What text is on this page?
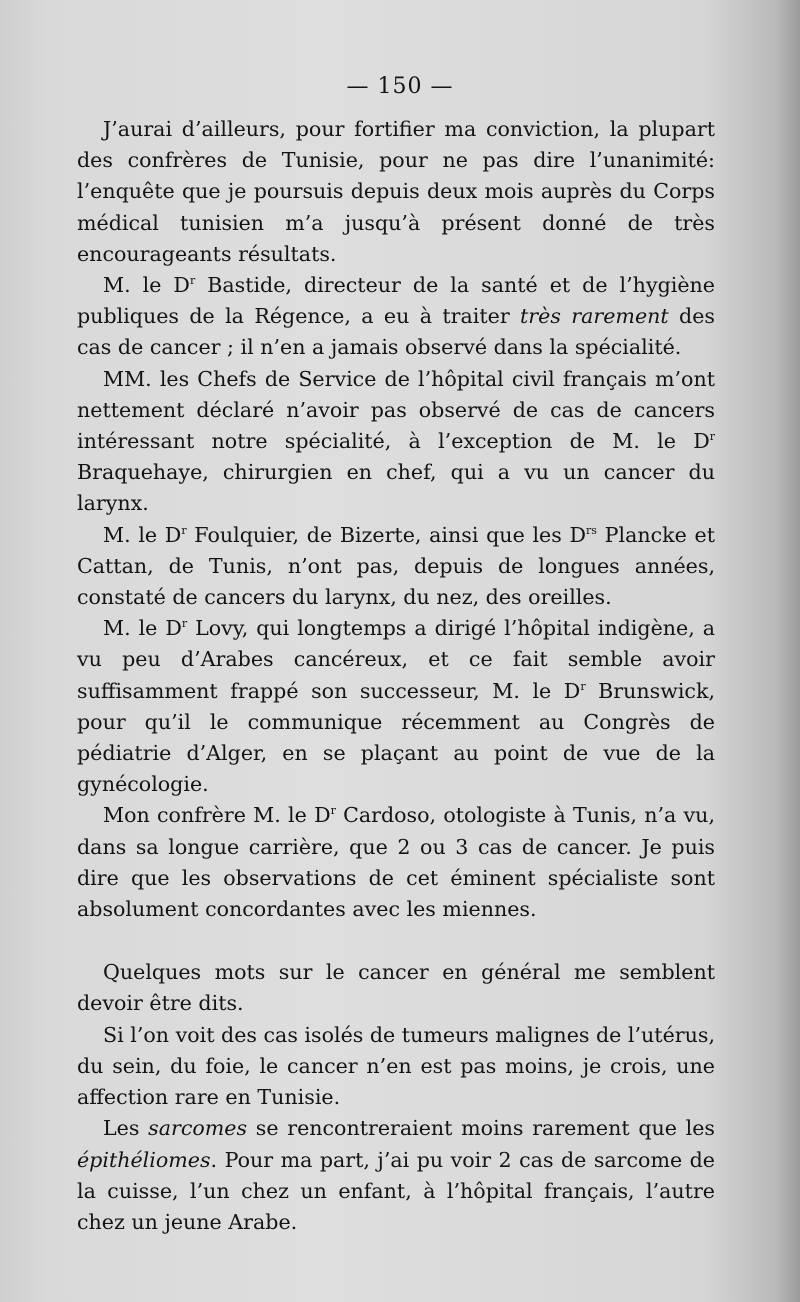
— 150 —

J’aurai d’ailleurs, pour fortifier ma conviction, la plupart des confrères de Tunisie, pour ne pas dire l’unanimité: l’enquête que je poursuis depuis deux mois auprès du Corps médical tunisien m’a jusqu’à présent donné de très encourageants résultats.

M. le $D^r$ Bastide, directeur de la santé et de l’hygiène publiques de la Régence, a eu à traiter très rarement des cas de cancer ; il n’en a jamais observé dans la spécialité.

MM. les Chefs de Service de l’hôpital civil français m’ont nettement déclaré n’avoir pas observé de cas de cancers intéressant notre spécialité, à l’exception de M. le $D^r$ Braquehaye, chirurgien en chef, qui a vu un cancer du larynx.

M. le $D^r$ Foulquier, de Bizerte, ainsi que les $D^{rs}$ Plancke et Cattan, de Tunis, n’ont pas, depuis de longues années, constaté de cancers du larynx, du nez, des oreilles.

M. le $D^r$ Lovy, qui longtemps a dirigé l’hôpital indigène, a vu peu d’Arabes cancéreux, et ce fait semble avoir suffisamment frappé son successeur, M. le $D^r$ Brunswick, pour qu’il le communique récemment au Congrès de pédiatrie d’Alger, en se plaçant au point de vue de la gynécologie.

Mon confrère M. le $D^r$ Cardoso, otologiste à Tunis, n’a vu, dans sa longue carrière, que 2 ou 3 cas de cancer. Je puis dire que les observations de cet éminent spécialiste sont absolument concordantes avec les miennes.

Quelques mots sur le cancer en général me semblent devoir être dits.

Si l’on voit des cas isolés de tumeurs malignes de l’utérus, du sein, du foie, le cancer n’en est pas moins, je crois, une affection rare en Tunisie.

Les sarcomes se rencontreraient moins rarement que les épithéliomes. Pour ma part, j’ai pu voir 2 cas de sarcome de la cuisse, l’un chez un enfant, à l’hôpital français, l’autre chez un jeune Arabe.
